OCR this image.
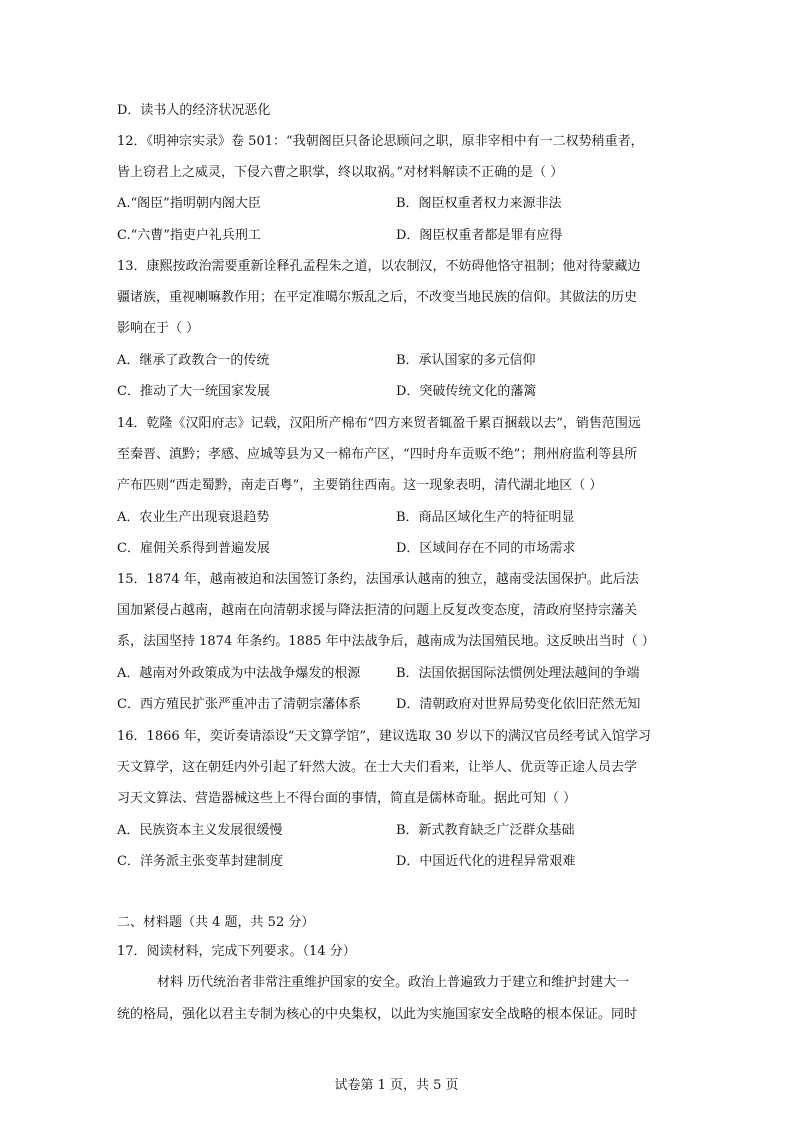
D．读书人的经济状况恶化
12．《明神宗实录》卷 501：“我朝阁臣只备论思顾问之职，原非宰相中有一二权势稍重者，
皆上窃君上之威灵，下侵六曹之职掌，终以取祸。”对材料解读不正确的是（ ）
A.“阁臣”指明朝内阁大臣	B．阁臣权重者权力来源非法
C.“六曹”指吏户礼兵刑工	D．阁臣权重者都是罪有应得
13．康熙按政治需要重新诠释孔孟程朱之道，以农制汉，不妨碍他恪守祖制；他对待蒙藏边
疆诸族，重视喇嘛教作用；在平定准噶尔叛乱之后，不改变当地民族的信仰。其做法的历史
影响在于（ ）
A．继承了政教合一的传统	B．承认国家的多元信仰
C．推动了大一统国家发展	D．突破传统文化的藩篱
14．乾隆《汉阳府志》记载，汉阳所产棉布“四方来贸者辄盈千累百捆载以去”，销售范围远
至秦晋、滇黔；孝感、应城等县为又一棉布产区，“四时舟车贡贩不绝”；荆州府监利等县所
产布匹则“西走蜀黔，南走百粤”，主要销往西南。这一现象表明，清代湖北地区（ ）
A．农业生产出现衰退趋势	B．商品区域化生产的特征明显
C．雇佣关系得到普遍发展	D．区域间存在不同的市场需求
15．1874 年，越南被迫和法国签订条约，法国承认越南的独立，越南受法国保护。此后法
国加紧侵占越南，越南在向清朝求援与降法拒清的问题上反复改变态度，清政府坚持宗藩关
系，法国坚持 1874 年条约。1885 年中法战争后，越南成为法国殖民地。这反映出当时（ ）
A．越南对外政策成为中法战争爆发的根源	B．法国依据国际法惯例处理法越间的争端
C．西方殖民扩张严重冲击了清朝宗藩体系	D．清朝政府对世界局势变化依旧茫然无知
16．1866 年，奕䜣奏请添设“天文算学馆”，建议选取 30 岁以下的满汉官员经考试入馆学习
天文算学，这在朝廷内外引起了轩然大波。在士大夫们看来，让举人、优贡等正途人员去学
习天文算法、营造器械这些上不得台面的事情，简直是儒林奇耻。据此可知（ ）
A．民族资本主义发展很缓慢	B．新式教育缺乏广泛群众基础
C．洋务派主张变革封建制度	D．中国近代化的进程异常艰难
二、材料题（共 4 题，共 52 分）
17．阅读材料，完成下列要求。（14 分）
材料 历代统治者非常注重维护国家的安全。政治上普遍致力于建立和维护封建大一
统的格局，强化以君主专制为核心的中央集权，以此为实施国家安全战略的根本保证。同时
试卷第 1 页，共 5 页
